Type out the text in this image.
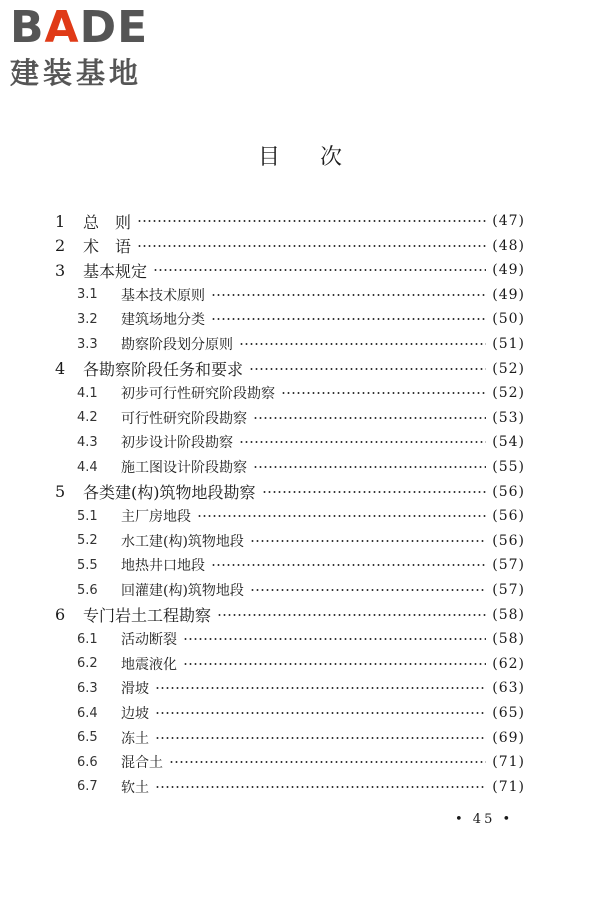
B A DE
建装基地
目次
1	总　则	(47)
2	术　语	(48)
3	基本规定	(49)
3.1	基本技术原则	(49)
3.2	建筑场地分类	(50)
3.3	勘察阶段划分原则	(51)
4	各勘察阶段任务和要求	(52)
4.1	初步可行性研究阶段勘察	(52)
4.2	可行性研究阶段勘察	(53)
4.3	初步设计阶段勘察	(54)
4.4	施工图设计阶段勘察	(55)
5	各类建(构)筑物地段勘察	(56)
5.1	主厂房地段	(56)
5.2	水工建(构)筑物地段	(56)
5.5	地热井口地段	(57)
5.6	回灌建(构)筑物地段	(57)
6	专门岩土工程勘察	(58)
6.1	活动断裂	(58)
6.2	地震液化	(62)
6.3	滑坡	(63)
6.4	边坡	(65)
6.5	冻土	(69)
6.6	混合土	(71)
6.7	软土	(71)
• 45 •
